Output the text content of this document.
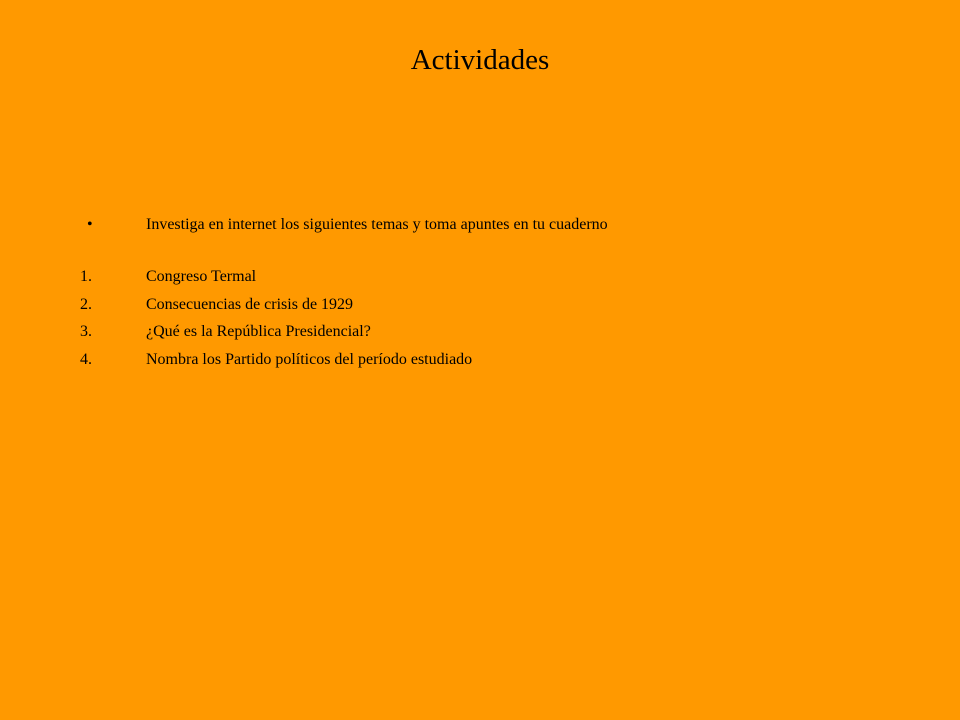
Actividades
•	Investiga en internet los siguientes temas y toma apuntes en tu cuaderno
1.	Congreso Termal
2.	Consecuencias de crisis de 1929
3.	¿Qué es la República Presidencial?
4.	Nombra los Partido políticos del período estudiado
